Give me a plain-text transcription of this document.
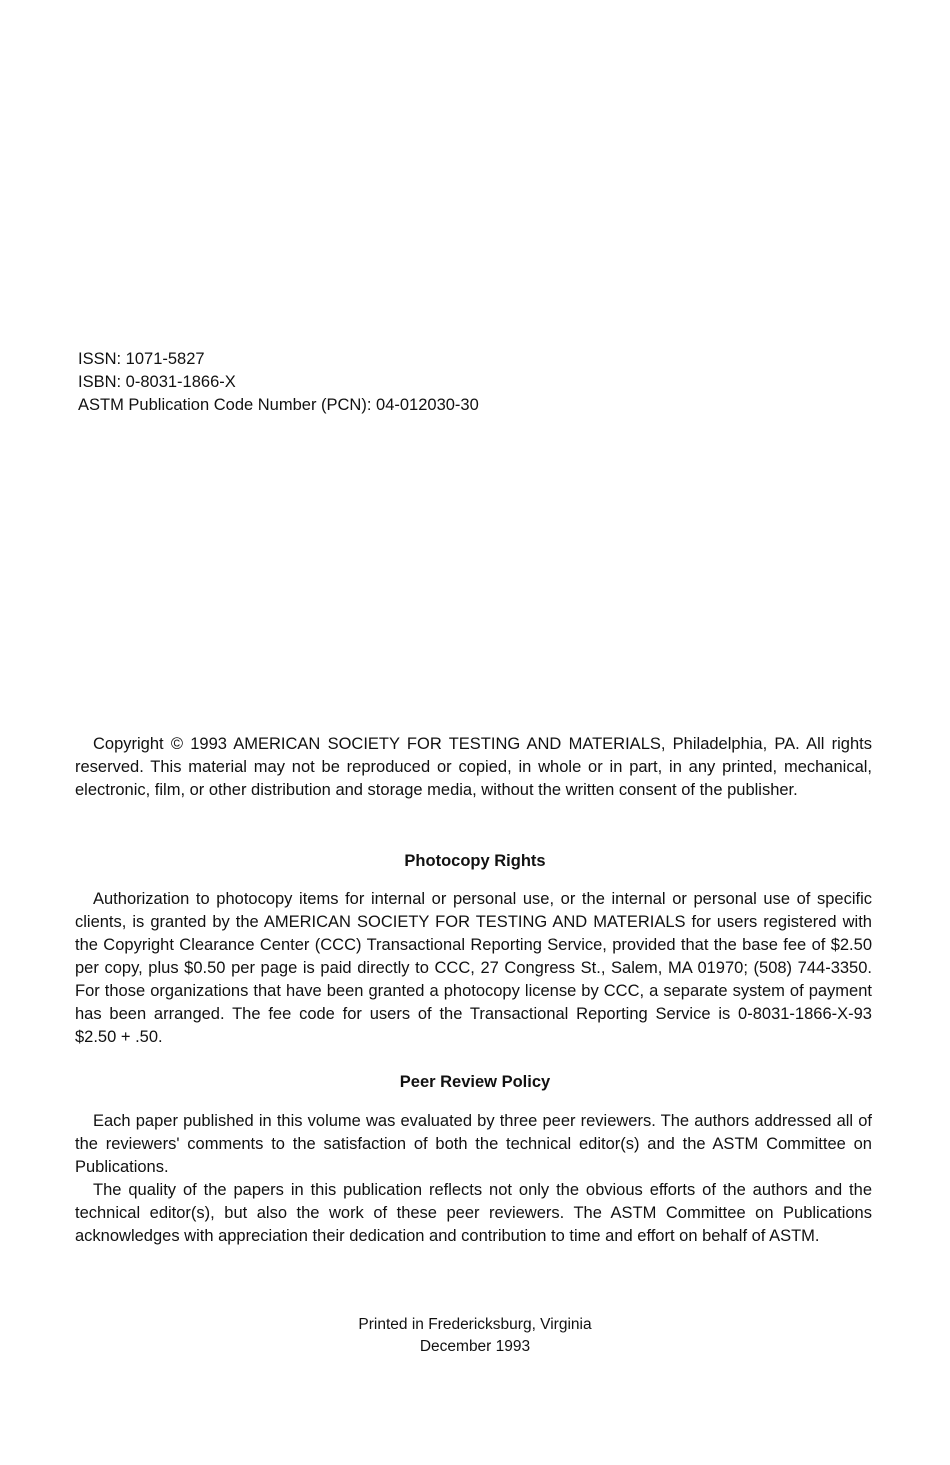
ISSN: 1071-5827
ISBN: 0-8031-1866-X
ASTM Publication Code Number (PCN): 04-012030-30

Copyright © 1993 AMERICAN SOCIETY FOR TESTING AND MATERIALS, Philadelphia, PA. All rights reserved. This material may not be reproduced or copied, in whole or in part, in any printed, mechanical, electronic, film, or other distribution and storage media, without the written consent of the publisher.

Photocopy Rights

Authorization to photocopy items for internal or personal use, or the internal or personal use of specific clients, is granted by the AMERICAN SOCIETY FOR TESTING AND MATERIALS for users registered with the Copyright Clearance Center (CCC) Transactional Reporting Service, provided that the base fee of $2.50 per copy, plus $0.50 per page is paid directly to CCC, 27 Congress St., Salem, MA 01970; (508) 744-3350. For those organizations that have been granted a photocopy license by CCC, a separate system of payment has been arranged. The fee code for users of the Transactional Reporting Service is 0-8031-1866-X-93 $2.50 + .50.

Peer Review Policy

Each paper published in this volume was evaluated by three peer reviewers. The authors addressed all of the reviewers' comments to the satisfaction of both the technical editor(s) and the ASTM Committee on Publications.

The quality of the papers in this publication reflects not only the obvious efforts of the authors and the technical editor(s), but also the work of these peer reviewers. The ASTM Committee on Publications acknowledges with appreciation their dedication and contribution to time and effort on behalf of ASTM.

Printed in Fredericksburg, Virginia
December 1993
